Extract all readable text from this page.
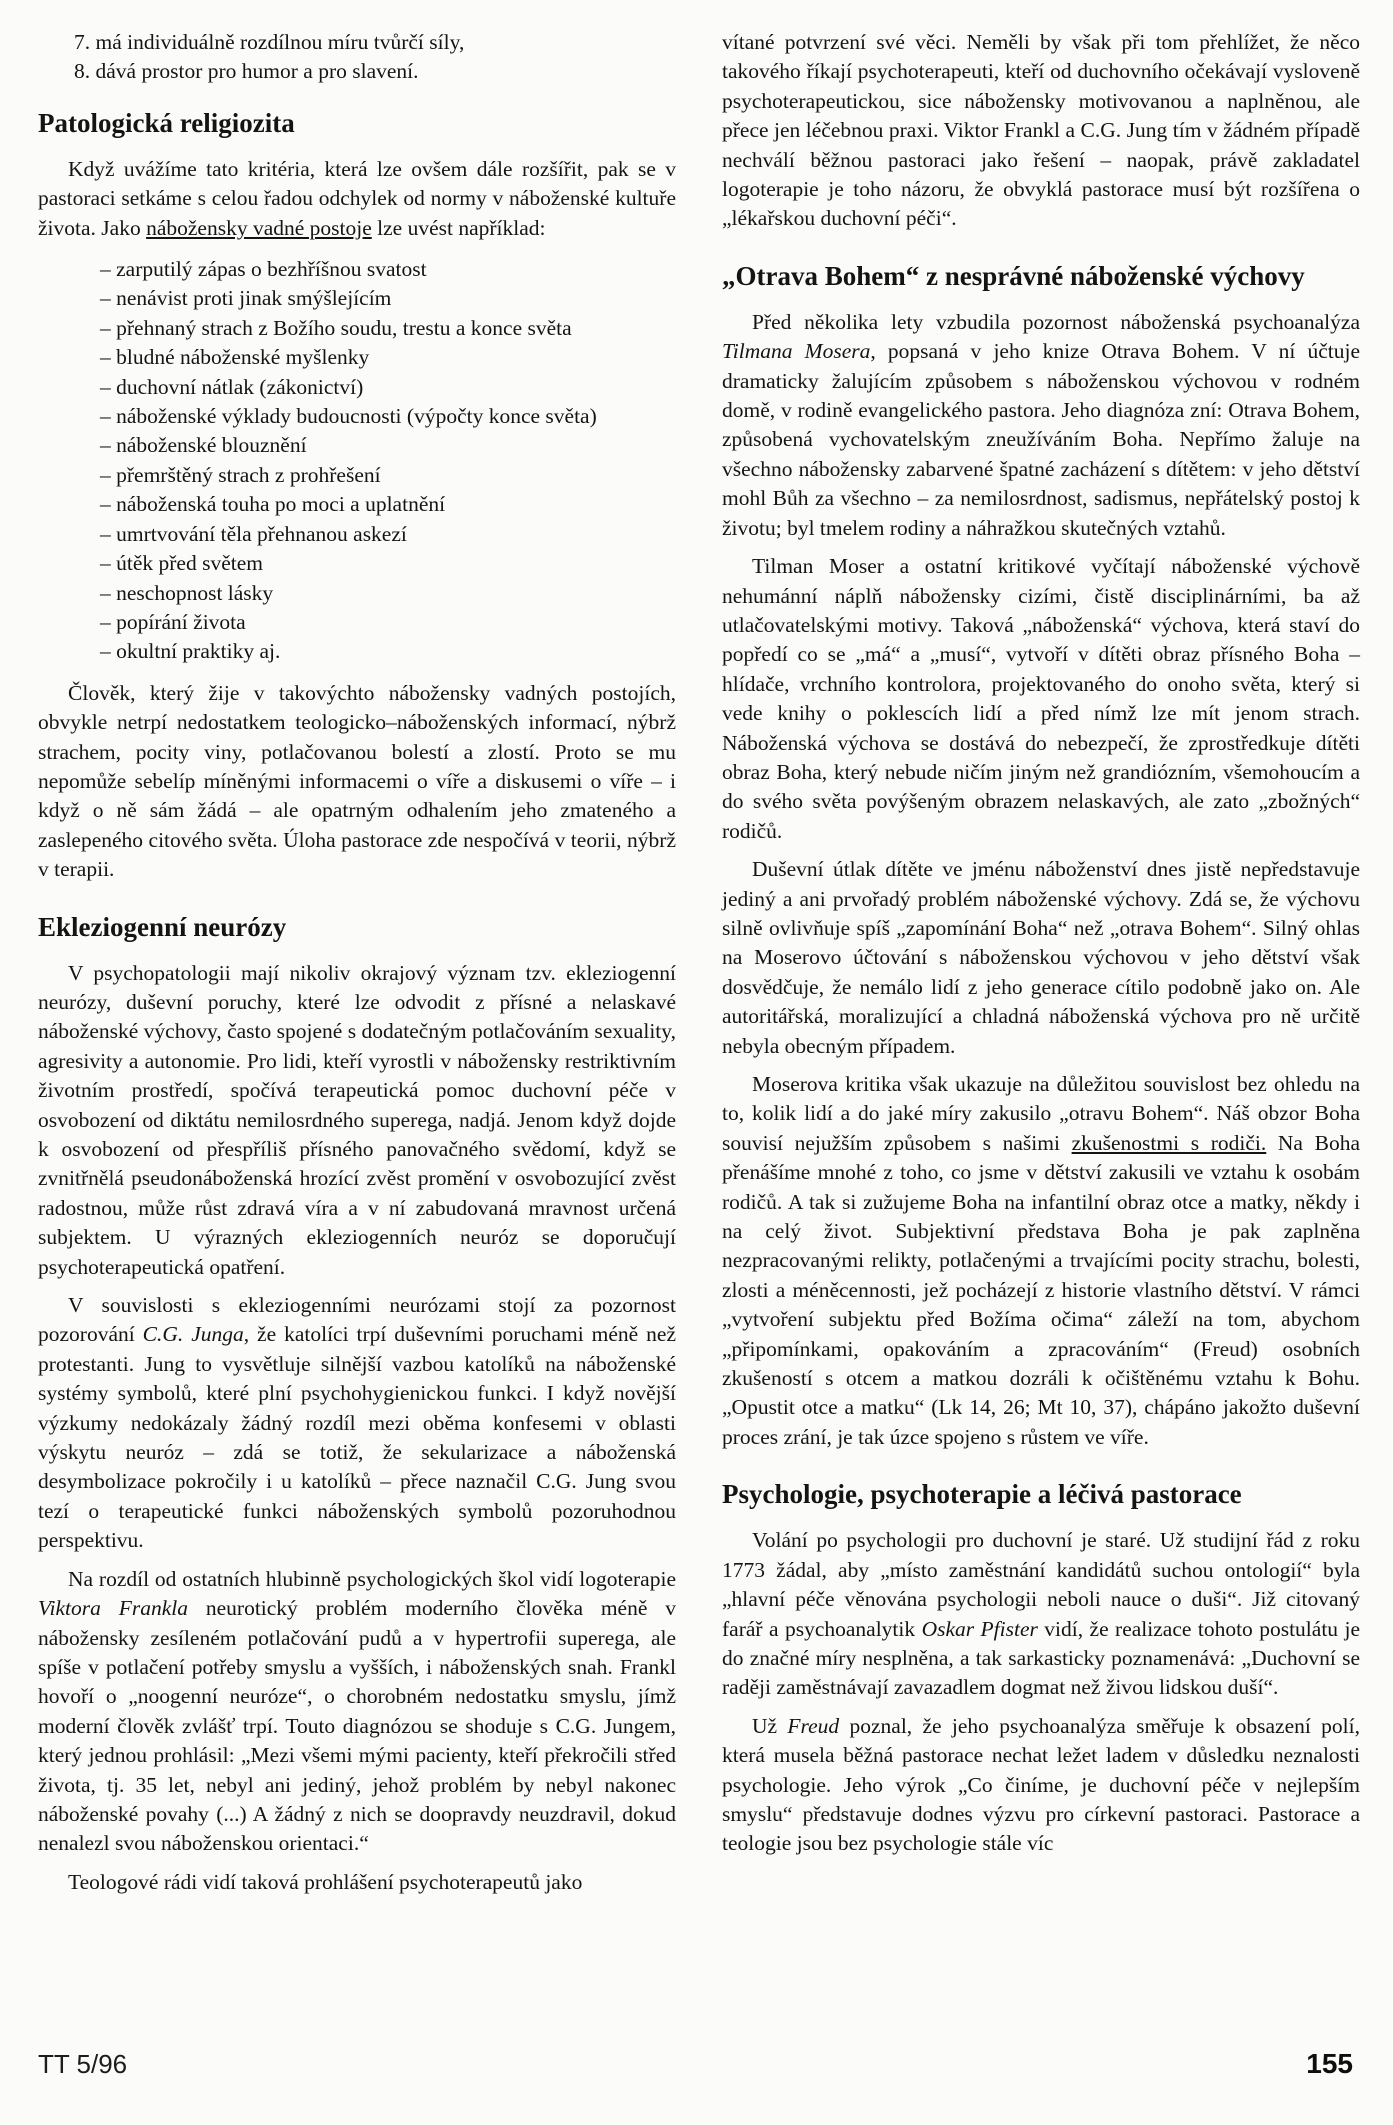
7. má individuálně rozdílnou míru tvůrčí síly,
8. dává prostor pro humor a pro slavení.
Patologická religiozita

Když uvážíme tato kritéria, která lze ovšem dále rozšířit, pak se v pastoraci setkáme s celou řadou odchylek od normy v náboženské kultuře života. Jako nábožensky vadné postoje lze uvést například:

– zarputilý zápas o bezhříšnou svatost
– nenávist proti jinak smýšlejícím
– přehnaný strach z Božího soudu, trestu a konce světa
– bludné náboženské myšlenky
– duchovní nátlak (zákonictví)
– náboženské výklady budoucnosti (výpočty konce světa)
– náboženské blouznění
– přemrštěný strach z prohřešení
– náboženská touha po moci a uplatnění
– umrtvování těla přehnanou askezí
– útěk před světem
– neschopnost lásky
– popírání života
– okultní praktiky aj.

Člověk, který žije v takovýchto nábožensky vadných postojích, obvykle netrpí nedostatkem teologicko–náboženských informací, nýbrž strachem, pocity viny, potlačovanou bolestí a zlostí. Proto se mu nepomůže sebelíp míněnými informacemi o víře a diskusemi o víře – i když o ně sám žádá – ale opatrným odhalením jeho zmateného a zaslepeného citového světa. Úloha pastorace zde nespočívá v teorii, nýbrž v terapii.

Ekleziogenní neurózy

V psychopatologii mají nikoliv okrajový význam tzv. ekleziogenní neurózy, duševní poruchy, které lze odvodit z přísné a nelaskavé náboženské výchovy, často spojené s dodatečným potlačováním sexuality, agresivity a autonomie. Pro lidi, kteří vyrostli v nábožensky restriktivním životním prostředí, spočívá terapeutická pomoc duchovní péče v osvobození od diktátu nemilosrdného superega, nadjá. Jenom když dojde k osvobození od přespříliš přísného panovačného svědomí, když se zvnitřnělá pseudonáboženská hrozící zvěst promění v osvobozující zvěst radostnou, může růst zdravá víra a v ní zabudovaná mravnost určená subjektem. U výrazných ekleziogenních neuróz se doporučují psychoterapeutická opatření.

V souvislosti s ekleziogenními neurózami stojí za pozornost pozorování C.G. Junga, že katolíci trpí duševními poruchami méně než protestanti. Jung to vysvětluje silnější vazbou katolíků na náboženské systémy symbolů, které plní psychohygienickou funkci. I když novější výzkumy nedokázaly žádný rozdíl mezi oběma konfesemi v oblasti výskytu neuróz – zdá se totiž, že sekularizace a náboženská desymbolizace pokročily i u katolíků – přece naznačil C.G. Jung svou tezí o terapeutické funkci náboženských symbolů pozoruhodnou perspektivu.

Na rozdíl od ostatních hlubinně psychologických škol vidí logoterapie Viktora Frankla neurotický problém moderního člověka méně v nábožensky zesíleném potlačování pudů a v hypertrofii superega, ale spíše v potlačení potřeby smyslu a vyšších, i náboženských snah. Frankl hovoří o „noogenní neuróze“, o chorobném nedostatku smyslu, jímž moderní člověk zvlášť trpí. Touto diagnózou se shoduje s C.G. Jungem, který jednou prohlásil: „Mezi všemi mými pacienty, kteří překročili střed života, tj. 35 let, nebyl ani jediný, jehož problém by nebyl nakonec náboženské povahy (...) A žádný z nich se doopravdy neuzdravil, dokud nenalezl svou náboženskou orientaci.“

Teologové rádi vidí taková prohlášení psychoterapeutů jako

vítané potvrzení své věci. Neměli by však při tom přehlížet, že něco takového říkají psychoterapeuti, kteří od duchovního očekávají vysloveně psychoterapeutickou, sice nábožensky motivovanou a naplněnou, ale přece jen léčebnou praxi. Viktor Frankl a C.G. Jung tím v žádném případě nechválí běžnou pastoraci jako řešení – naopak, právě zakladatel logoterapie je toho názoru, že obvyklá pastorace musí být rozšířena o „lékařskou duchovní péči“.

„Otrava Bohem“ z nesprávné náboženské výchovy

Před několika lety vzbudila pozornost náboženská psychoanalýza Tilmana Mosera, popsaná v jeho knize Otrava Bohem. V ní účtuje dramaticky žalujícím způsobem s náboženskou výchovou v rodném domě, v rodině evangelického pastora. Jeho diagnóza zní: Otrava Bohem, způsobená vychovatelským zneužíváním Boha. Nepřímo žaluje na všechno nábožensky zabarvené špatné zacházení s dítětem: v jeho dětství mohl Bůh za všechno – za nemilosrdnost, sadismus, nepřátelský postoj k životu; byl tmelem rodiny a náhražkou skutečných vztahů.

Tilman Moser a ostatní kritikové vyčítají náboženské výchově nehumánní náplň nábožensky cizími, čistě disciplinárními, ba až utlačovatelskými motivy. Taková „náboženská“ výchova, která staví do popředí co se „má“ a „musí“, vytvoří v dítěti obraz přísného Boha – hlídače, vrchního kontrolora, projektovaného do onoho světa, který si vede knihy o poklescích lidí a před nímž lze mít jenom strach. Náboženská výchova se dostává do nebezpečí, že zprostředkuje dítěti obraz Boha, který nebude ničím jiným než grandiózním, všemohoucím a do svého světa povýšeným obrazem nelaskavých, ale zato „zbožných“ rodičů.

Duševní útlak dítěte ve jménu náboženství dnes jistě nepředstavuje jediný a ani prvořadý problém náboženské výchovy. Zdá se, že výchovu silně ovlivňuje spíš „zapomínání Boha“ než „otrava Bohem“. Silný ohlas na Moserovo účtování s náboženskou výchovou v jeho dětství však dosvědčuje, že nemálo lidí z jeho generace cítilo podobně jako on. Ale autoritářská, moralizující a chladná náboženská výchova pro ně určitě nebyla obecným případem.

Moserova kritika však ukazuje na důležitou souvislost bez ohledu na to, kolik lidí a do jaké míry zakusilo „otravu Bohem“. Náš obzor Boha souvisí nejužším způsobem s našimi zkušenostmi s rodiči. Na Boha přenášíme mnohé z toho, co jsme v dětství zakusili ve vztahu k osobám rodičů. A tak si zužujeme Boha na infantilní obraz otce a matky, někdy i na celý život. Subjektivní představa Boha je pak zaplněna nezpracovanými relikty, potlačenými a trvajícími pocity strachu, bolesti, zlosti a méněcennosti, jež pocházejí z historie vlastního dětství. V rámci „vytvoření subjektu před Božíma očima“ záleží na tom, abychom „připomínkami, opakováním a zpracováním“ (Freud) osobních zkušeností s otcem a matkou dozráli k očištěnému vztahu k Bohu. „Opustit otce a matku“ (Lk 14, 26; Mt 10, 37), chápáno jakožto duševní proces zrání, je tak úzce spojeno s růstem ve víře.

Psychologie, psychoterapie a léčivá pastorace

Volání po psychologii pro duchovní je staré. Už studijní řád z roku 1773 žádal, aby „místo zaměstnání kandidátů suchou ontologií“ byla „hlavní péče věnována psychologii neboli nauce o duši“. Již citovaný farář a psychoanalytik Oskar Pfister vidí, že realizace tohoto postulátu je do značné míry nesplněna, a tak sarkasticky poznamenává: „Duchovní se raději zaměstnávají zavazadlem dogmat než živou lidskou duší“.

Už Freud poznal, že jeho psychoanalýza směřuje k obsazení polí, která musela běžná pastorace nechat ležet ladem v důsledku neznalosti psychologie. Jeho výrok „Co činíme, je duchovní péče v nejlepším smyslu“ představuje dodnes výzvu pro církevní pastoraci. Pastorace a teologie jsou bez psychologie stále víc

TT 5/96	155
